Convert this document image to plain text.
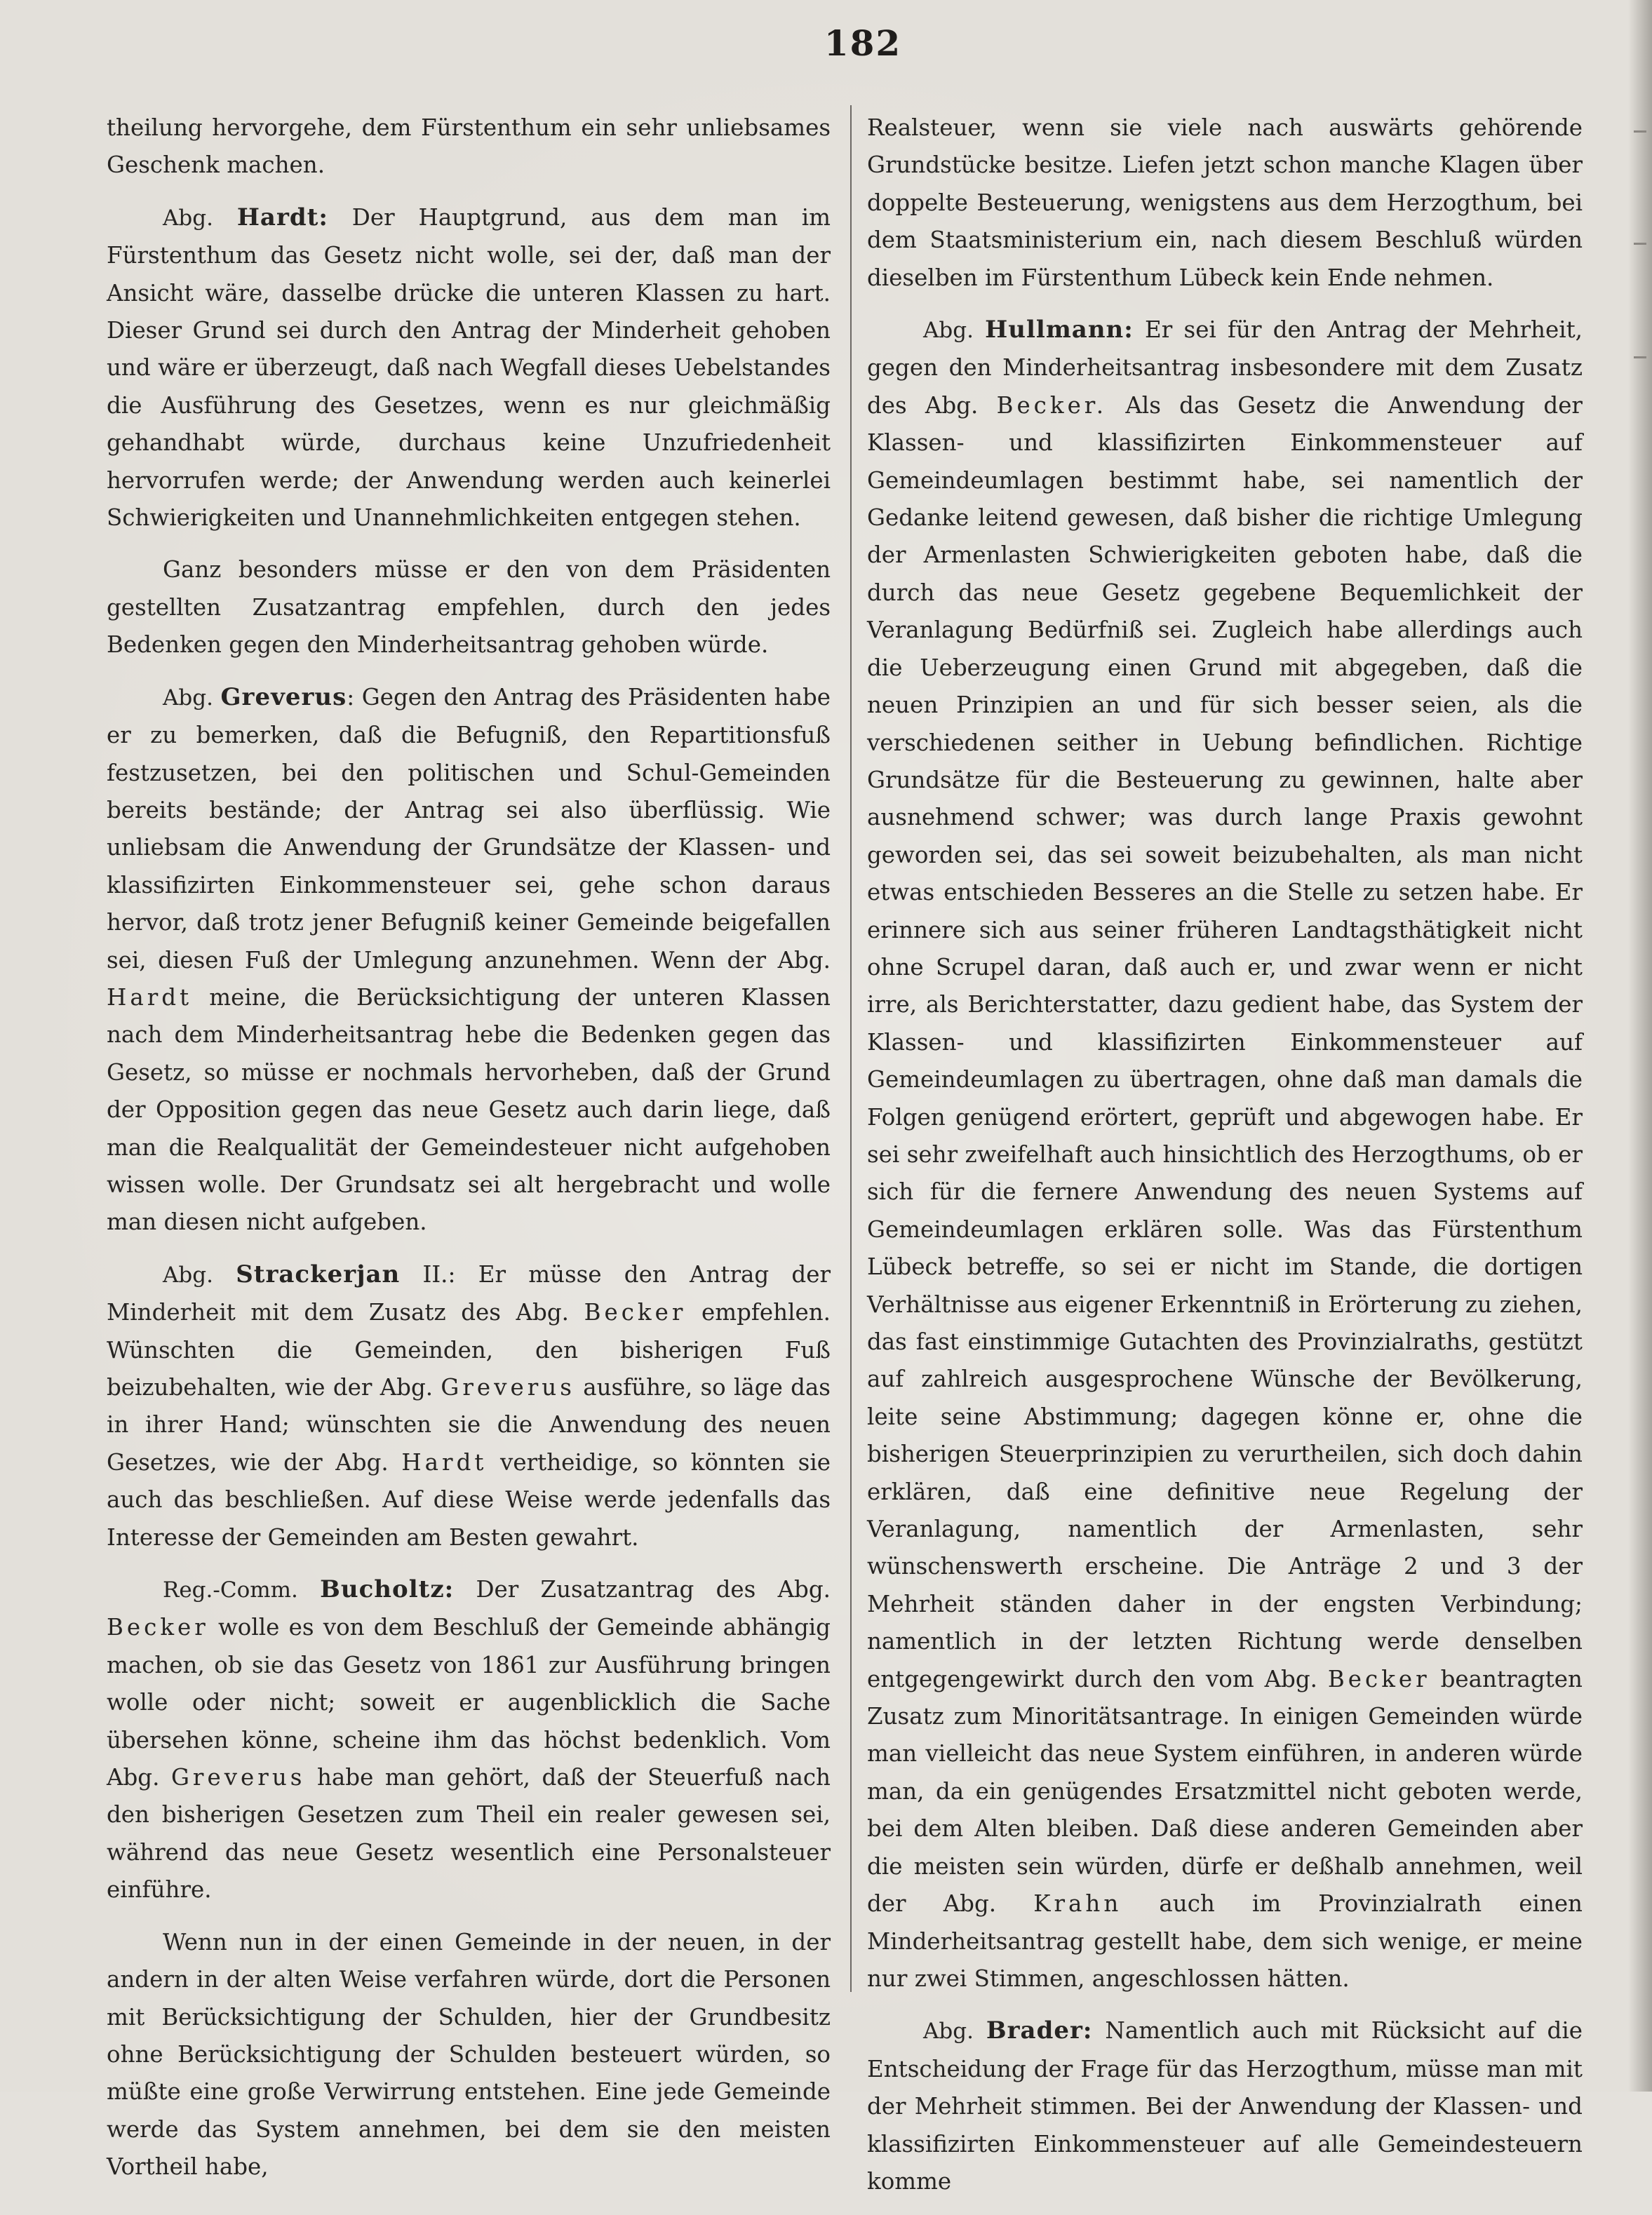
182

theilung hervorgehe, dem Fürstenthum ein sehr unliebsames Geschenk machen.

Abg. Hardt: Der Hauptgrund, aus dem man im Fürstenthum das Gesetz nicht wolle, sei der, daß man der Ansicht wäre, dasselbe drücke die unteren Klassen zu hart. Dieser Grund sei durch den Antrag der Minderheit gehoben und wäre er überzeugt, daß nach Wegfall dieses Uebelstandes die Ausführung des Gesetzes, wenn es nur gleichmäßig gehandhabt würde, durchaus keine Unzufriedenheit hervorrufen werde; der Anwendung werden auch keinerlei Schwierigkeiten und Unannehmlichkeiten entgegen stehen.

Ganz besonders müsse er den von dem Präsidenten gestellten Zusatzantrag empfehlen, durch den jedes Bedenken gegen den Minderheitsantrag gehoben würde.

Abg. Greverus: Gegen den Antrag des Präsidenten habe er zu bemerken, daß die Befugniß, den Repartitionsfuß festzusetzen, bei den politischen und Schul-Gemeinden bereits bestände; der Antrag sei also überflüssig. Wie unliebsam die Anwendung der Grundsätze der Klassen- und klassifizirten Einkommensteuer sei, gehe schon daraus hervor, daß trotz jener Befugniß keiner Gemeinde beigefallen sei, diesen Fuß der Umlegung anzunehmen. Wenn der Abg. Hardt meine, die Berücksichtigung der unteren Klassen nach dem Minderheitsantrag hebe die Bedenken gegen das Gesetz, so müsse er nochmals hervorheben, daß der Grund der Opposition gegen das neue Gesetz auch darin liege, daß man die Realqualität der Gemeindesteuer nicht aufgehoben wissen wolle. Der Grundsatz sei alt hergebracht und wolle man diesen nicht aufgeben.

Abg. Strackerjan II.: Er müsse den Antrag der Minderheit mit dem Zusatz des Abg. Becker empfehlen. Wünschten die Gemeinden, den bisherigen Fuß beizubehalten, wie der Abg. Greverus ausführe, so läge das in ihrer Hand; wünschten sie die Anwendung des neuen Gesetzes, wie der Abg. Hardt vertheidige, so könnten sie auch das beschließen. Auf diese Weise werde jedenfalls das Interesse der Gemeinden am Besten gewahrt.

Reg.-Comm. Bucholtz: Der Zusatzantrag des Abg. Becker wolle es von dem Beschluß der Gemeinde abhängig machen, ob sie das Gesetz von 1861 zur Ausführung bringen wolle oder nicht; soweit er augenblicklich die Sache übersehen könne, scheine ihm das höchst bedenklich. Vom Abg. Greverus habe man gehört, daß der Steuerfuß nach den bisherigen Gesetzen zum Theil ein realer gewesen sei, während das neue Gesetz wesentlich eine Personalsteuer einführe.

Wenn nun in der einen Gemeinde in der neuen, in der andern in der alten Weise verfahren würde, dort die Personen mit Berücksichtigung der Schulden, hier der Grundbesitz ohne Berücksichtigung der Schulden besteuert würden, so müßte eine große Verwirrung entstehen. Eine jede Gemeinde werde das System annehmen, bei dem sie den meisten Vortheil habe,

Realsteuer, wenn sie viele nach auswärts gehörende Grundstücke besitze. Liefen jetzt schon manche Klagen über doppelte Besteuerung, wenigstens aus dem Herzogthum, bei dem Staatsministerium ein, nach diesem Beschluß würden dieselben im Fürstenthum Lübeck kein Ende nehmen.

Abg. Hullmann: Er sei für den Antrag der Mehrheit, gegen den Minderheitsantrag insbesondere mit dem Zusatz des Abg. Becker. Als das Gesetz die Anwendung der Klassen- und klassifizirten Einkommensteuer auf Gemeindeumlagen bestimmt habe, sei namentlich der Gedanke leitend gewesen, daß bisher die richtige Umlegung der Armenlasten Schwierigkeiten geboten habe, daß die durch das neue Gesetz gegebene Bequemlichkeit der Veranlagung Bedürfniß sei. Zugleich habe allerdings auch die Ueberzeugung einen Grund mit abgegeben, daß die neuen Prinzipien an und für sich besser seien, als die verschiedenen seither in Uebung befindlichen. Richtige Grundsätze für die Besteuerung zu gewinnen, halte aber ausnehmend schwer; was durch lange Praxis gewohnt geworden sei, das sei soweit beizubehalten, als man nicht etwas entschieden Besseres an die Stelle zu setzen habe. Er erinnere sich aus seiner früheren Landtagsthätigkeit nicht ohne Scrupel daran, daß auch er, und zwar wenn er nicht irre, als Berichterstatter, dazu gedient habe, das System der Klassen- und klassifizirten Einkommensteuer auf Gemeindeumlagen zu übertragen, ohne daß man damals die Folgen genügend erörtert, geprüft und abgewogen habe. Er sei sehr zweifelhaft auch hinsichtlich des Herzogthums, ob er sich für die fernere Anwendung des neuen Systems auf Gemeindeumlagen erklären solle. Was das Fürstenthum Lübeck betreffe, so sei er nicht im Stande, die dortigen Verhältnisse aus eigener Erkenntniß in Erörterung zu ziehen, das fast einstimmige Gutachten des Provinzialraths, gestützt auf zahlreich ausgesprochene Wünsche der Bevölkerung, leite seine Abstimmung; dagegen könne er, ohne die bisherigen Steuerprinzipien zu verurtheilen, sich doch dahin erklären, daß eine definitive neue Regelung der Veranlagung, namentlich der Armenlasten, sehr wünschenswerth erscheine. Die Anträge 2 und 3 der Mehrheit ständen daher in der engsten Verbindung; namentlich in der letzten Richtung werde denselben entgegengewirkt durch den vom Abg. Becker beantragten Zusatz zum Minoritätsantrage. In einigen Gemeinden würde man vielleicht das neue System einführen, in anderen würde man, da ein genügendes Ersatzmittel nicht geboten werde, bei dem Alten bleiben. Daß diese anderen Gemeinden aber die meisten sein würden, dürfe er deßhalb annehmen, weil der Abg. Krahn auch im Provinzialrath einen Minderheitsantrag gestellt habe, dem sich wenige, er meine nur zwei Stimmen, angeschlossen hätten.

Abg. Brader: Namentlich auch mit Rücksicht auf die Entscheidung der Frage für das Herzogthum, müsse man mit der Mehrheit stimmen. Bei der Anwendung der Klassen- und klassifizirten Einkommensteuer auf alle Gemeindesteuern komme
